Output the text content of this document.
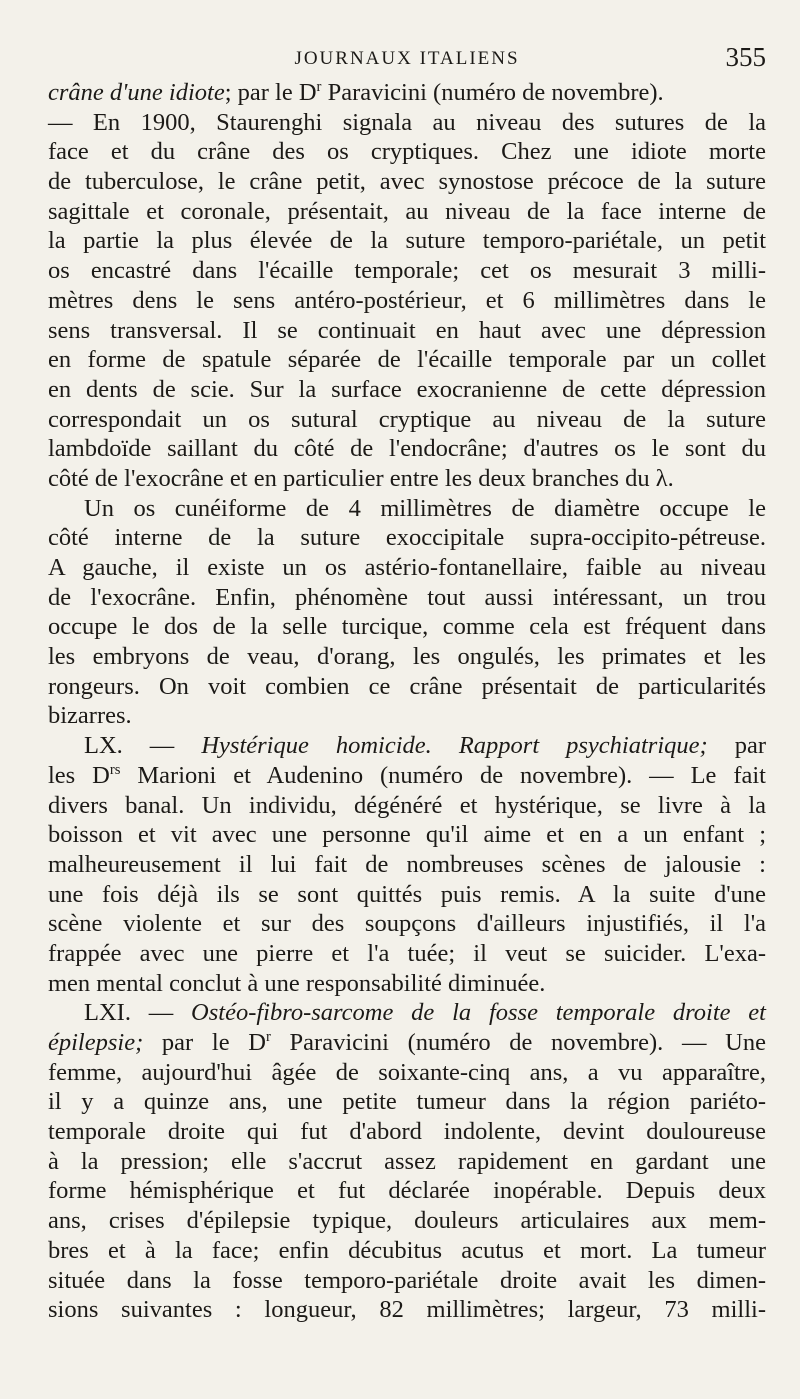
JOURNAUX ITALIENS	355
crâne d'une idiote; par le $D^r$ Paravicini (numéro de novembre).
— En 1900, Staurenghi signala au niveau des sutures de la
face et du crâne des os cryptiques. Chez une idiote morte
de tuberculose, le crâne petit, avec synostose précoce de la suture
sagittale et coronale, présentait, au niveau de la face interne de
la partie la plus élevée de la suture temporo-pariétale, un petit
os encastré dans l'écaille temporale; cet os mesurait 3 milli-
mètres dens le sens antéro-postérieur, et 6 millimètres dans le
sens transversal. Il se continuait en haut avec une dépression
en forme de spatule séparée de l'écaille temporale par un collet
en dents de scie. Sur la surface exocranienne de cette dépression
correspondait un os sutural cryptique au niveau de la suture
lambdoïde saillant du côté de l'endocrâne; d'autres os le sont du
côté de l'exocrâne et en particulier entre les deux branches du λ.
Un os cunéiforme de 4 millimètres de diamètre occupe le
côté interne de la suture exoccipitale supra-occipito-pétreuse.
A gauche, il existe un os astério-fontanellaire, faible au niveau
de l'exocrâne. Enfin, phénomène tout aussi intéressant, un trou
occupe le dos de la selle turcique, comme cela est fréquent dans
les embryons de veau, d'orang, les ongulés, les primates et les
rongeurs. On voit combien ce crâne présentait de particularités
bizarres.
LX. — Hystérique homicide. Rapport psychiatrique; par
les $D^{rs}$ Marioni et Audenino (numéro de novembre). — Le fait
divers banal. Un individu, dégénéré et hystérique, se livre à la
boisson et vit avec une personne qu'il aime et en a un enfant ;
malheureusement il lui fait de nombreuses scènes de jalousie :
une fois déjà ils se sont quittés puis remis. A la suite d'une
scène violente et sur des soupçons d'ailleurs injustifiés, il l'a
frappée avec une pierre et l'a tuée; il veut se suicider. L'exa-
men mental conclut à une responsabilité diminuée.
LXI. — Ostéo-fibro-sarcome de la fosse temporale droite et
épilepsie; par le $D^r$ Paravicini (numéro de novembre). — Une
femme, aujourd'hui âgée de soixante-cinq ans, a vu apparaître,
il y a quinze ans, une petite tumeur dans la région pariéto-
temporale droite qui fut d'abord indolente, devint douloureuse
à la pression; elle s'accrut assez rapidement en gardant une
forme hémisphérique et fut déclarée inopérable. Depuis deux
ans, crises d'épilepsie typique, douleurs articulaires aux mem-
bres et à la face; enfin décubitus acutus et mort. La tumeur
située dans la fosse temporo-pariétale droite avait les dimen-
sions suivantes : longueur, 82 millimètres; largeur, 73 milli-
